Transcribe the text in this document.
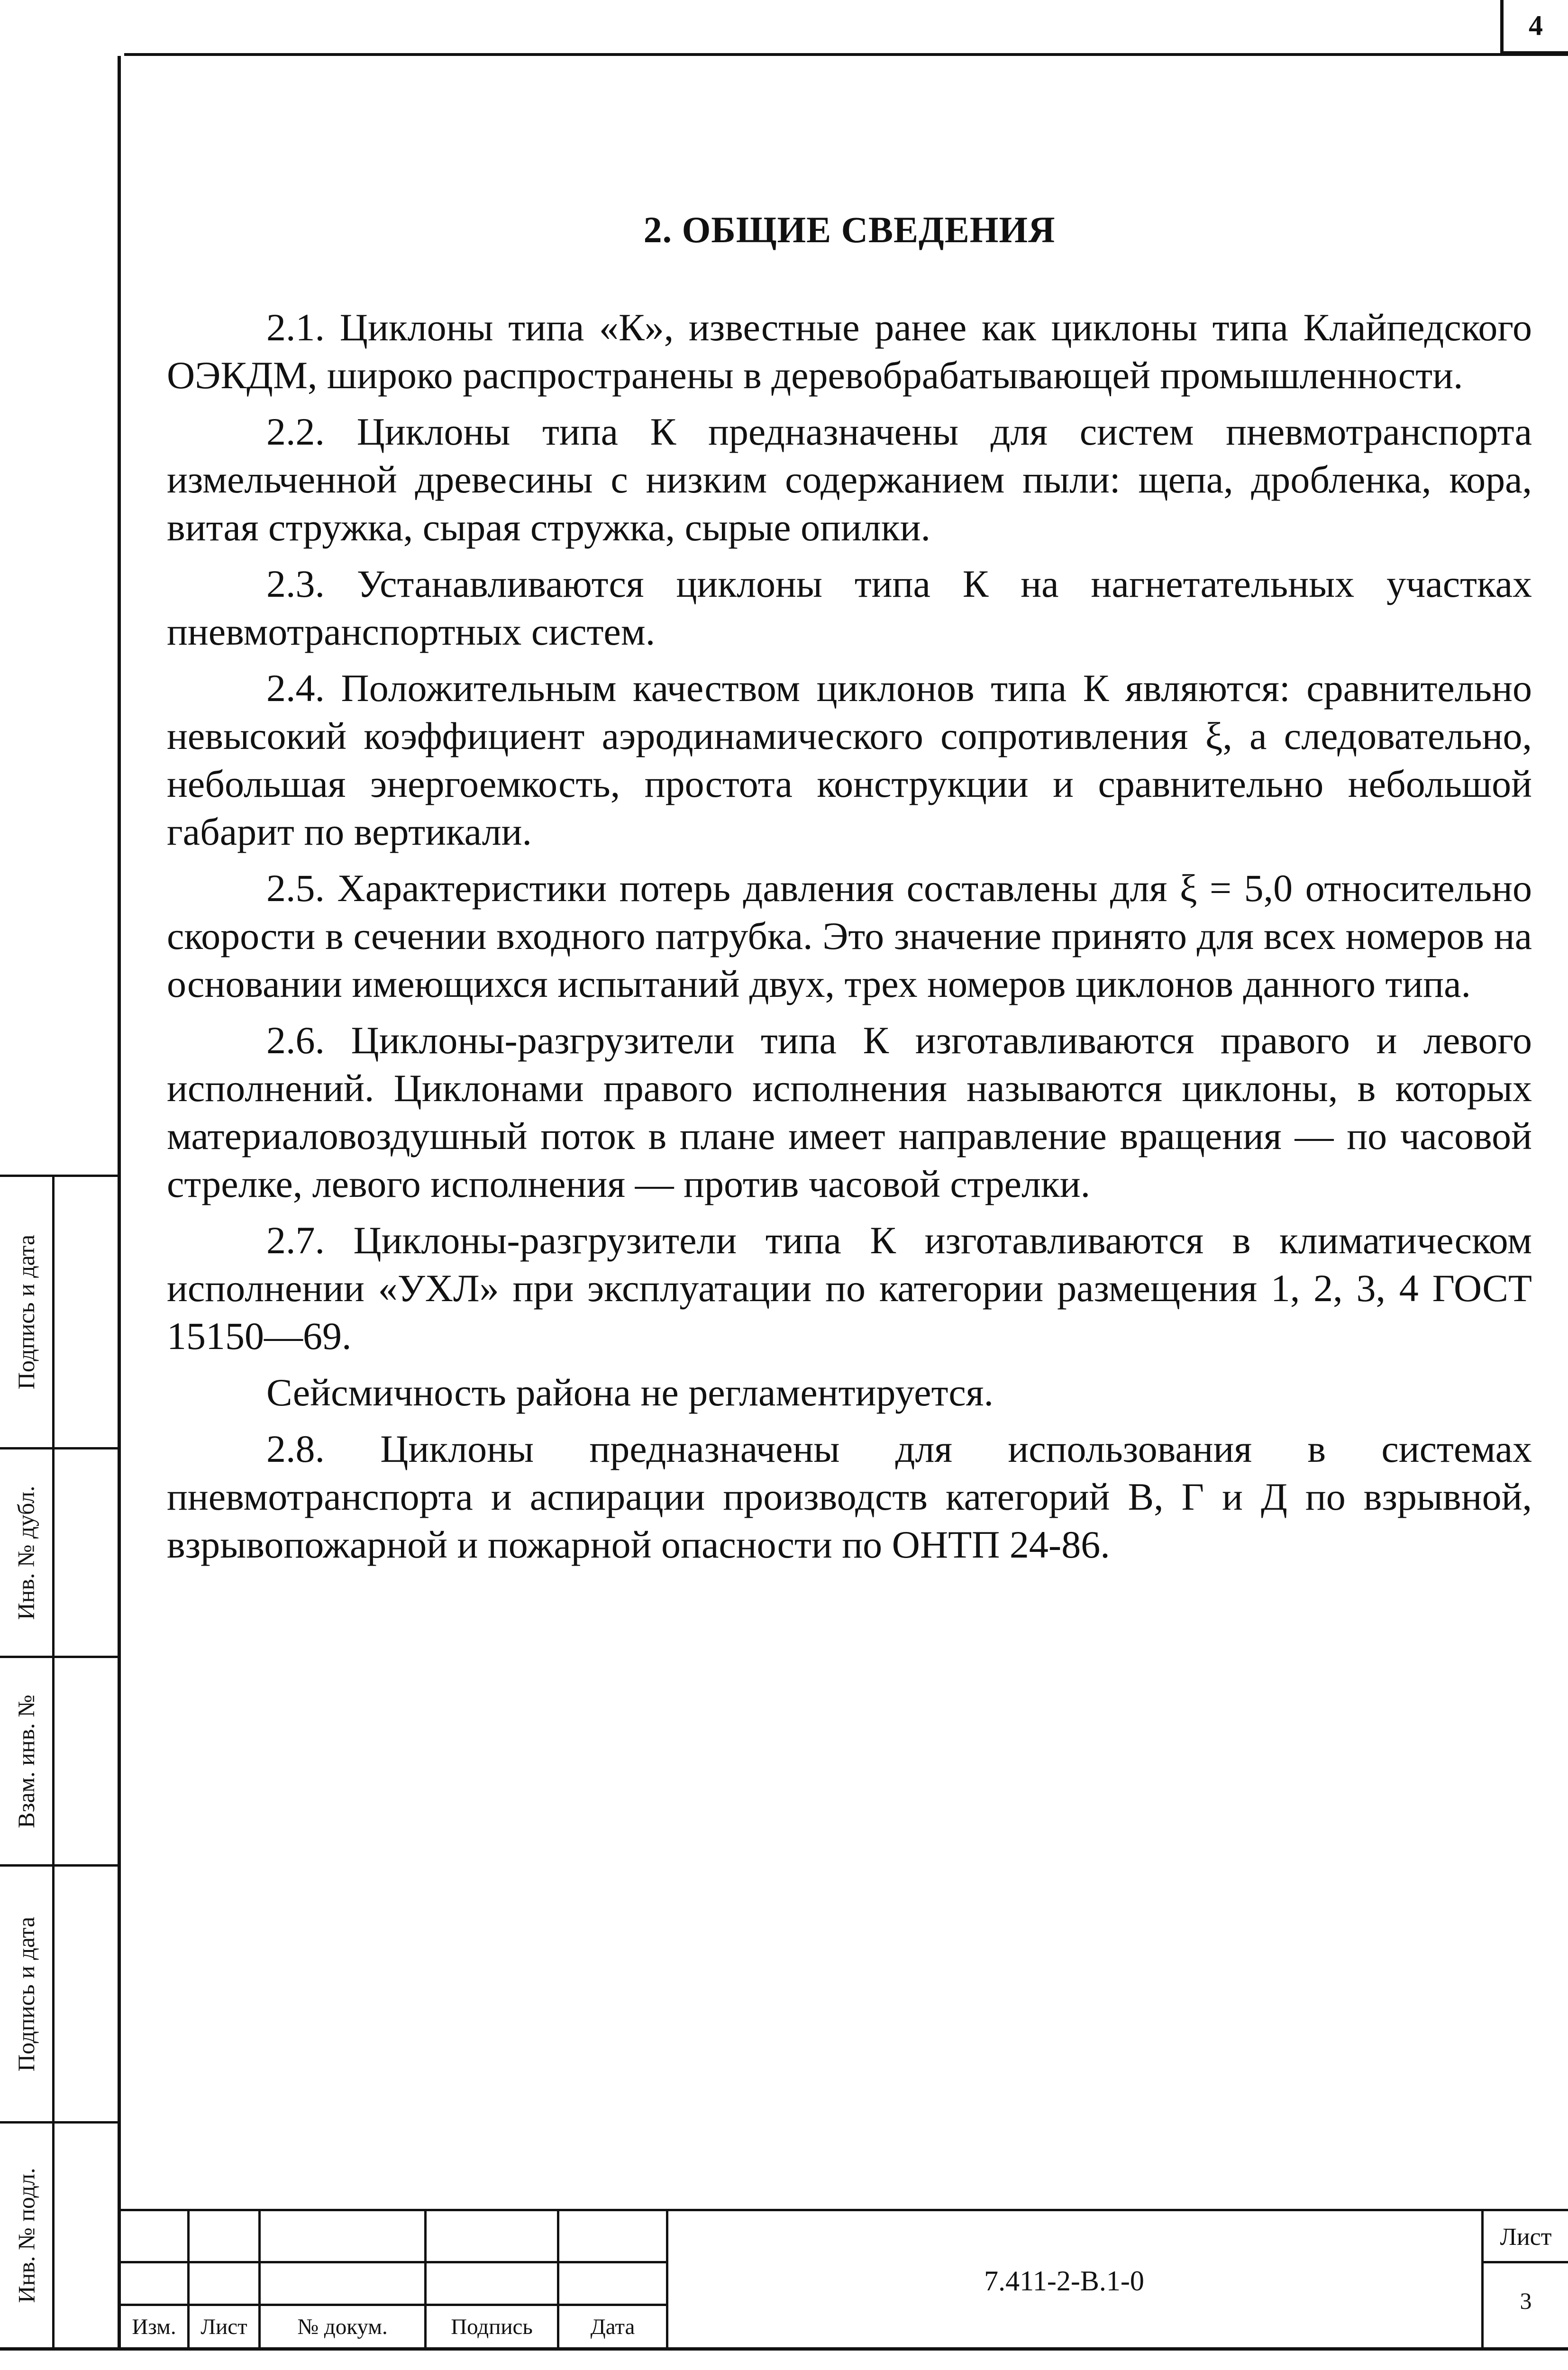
4
Подпись и дата
Инв. № дубл.
Взам. инв. №
Подпись и дата
Инв. № подл.
2. ОБЩИЕ СВЕДЕНИЯ

2.1. Циклоны типа «К», известные ранее как циклоны типа Клайпедского ОЭКДМ, широко распространены в деревобрабатывающей промышленности.

2.2. Циклоны типа К предназначены для систем пневмотранспорта измельченной древесины с низким содержанием пыли: щепа, дробленка, кора, витая стружка, сырая стружка, сырые опилки.

2.3. Устанавливаются циклоны типа К на нагнетательных участках пневмотранспортных систем.

2.4. Положительным качеством циклонов типа К являются: сравнительно невысокий коэффициент аэродинамического сопротивления ξ, а следовательно, небольшая энергоемкость, простота конструкции и сравнительно небольшой габарит по вертикали.

2.5. Характеристики потерь давления составлены для ξ = 5,0 относительно скорости в сечении входного патрубка. Это значение принято для всех номеров на основании имеющихся испытаний двух, трех номеров циклонов данного типа.

2.6. Циклоны-разгрузители типа К изготавливаются правого и левого исполнений. Циклонами правого исполнения называются циклоны, в которых материаловоздушный поток в плане имеет направление вращения — по часовой стрелке, левого исполнения — против часовой стрелки.

2.7. Циклоны-разгрузители типа К изготавливаются в климатическом исполнении «УХЛ» при эксплуатации по категории размещения 1, 2, 3, 4 ГОСТ 15150—69.

Сейсмичность района не регламентируется.

2.8. Циклоны предназначены для использования в системах пневмотранспорта и аспирации производств категорий В, Г и Д по взрывной, взрывопожарной и пожарной опасности по ОНТП 24-86.

Изм.	Лист	№ докум.	Подпись	Дата
7.411-2-В.1-0
Лист
3
